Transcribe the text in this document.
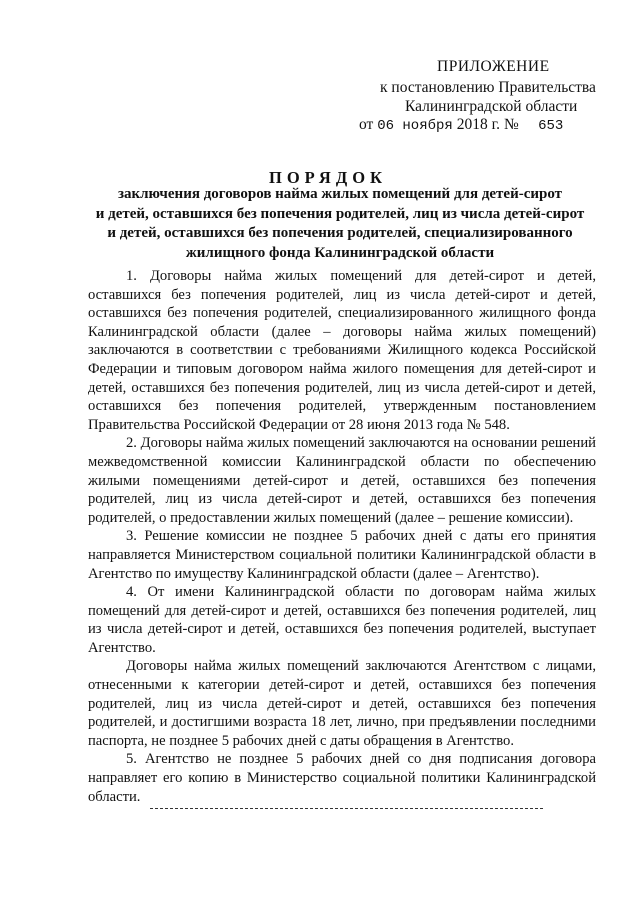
ПРИЛОЖЕНИЕ
к постановлению Правительства
Калининградской области
от 06 ноября 2018 г. № 653
ПОРЯДОК
заключения договоров найма жилых помещений для детей-сирот
и детей, оставшихся без попечения родителей, лиц из числа детей-сирот
и детей, оставшихся без попечения родителей, специализированного
жилищного фонда Калининградской области

1. Договоры найма жилых помещений для детей-сирот и детей, оставшихся без попечения родителей, лиц из числа детей-сирот и детей, оставшихся без попечения родителей, специализированного жилищного фонда Калининградской области (далее – договоры найма жилых помещений) заключаются в соответствии с требованиями Жилищного кодекса Российской Федерации и типовым договором найма жилого помещения для детей-сирот и детей, оставшихся без попечения родителей, лиц из числа детей-сирот и детей, оставшихся без попечения родителей, утвержденным постановлением Правительства Российской Федерации от 28 июня 2013 года № 548.

2. Договоры найма жилых помещений заключаются на основании решений межведомственной комиссии Калининградской области по обеспечению жилыми помещениями детей-сирот и детей, оставшихся без попечения родителей, лиц из числа детей-сирот и детей, оставшихся без попечения родителей, о предоставлении жилых помещений (далее – решение комиссии).

3. Решение комиссии не позднее 5 рабочих дней с даты его принятия направляется Министерством социальной политики Калининградской области в Агентство по имуществу Калининградской области (далее – Агентство).

4. От имени Калининградской области по договорам найма жилых помещений для детей-сирот и детей, оставшихся без попечения родителей, лиц из числа детей-сирот и детей, оставшихся без попечения родителей, выступает Агентство.

Договоры найма жилых помещений заключаются Агентством с лицами, отнесенными к категории детей-сирот и детей, оставшихся без попечения родителей, лиц из числа детей-сирот и детей, оставшихся без попечения родителей, и достигшими возраста 18 лет, лично, при предъявлении последними паспорта, не позднее 5 рабочих дней с даты обращения в Агентство.

5. Агентство не позднее 5 рабочих дней со дня подписания договора направляет его копию в Министерство социальной политики Калининградской области.
